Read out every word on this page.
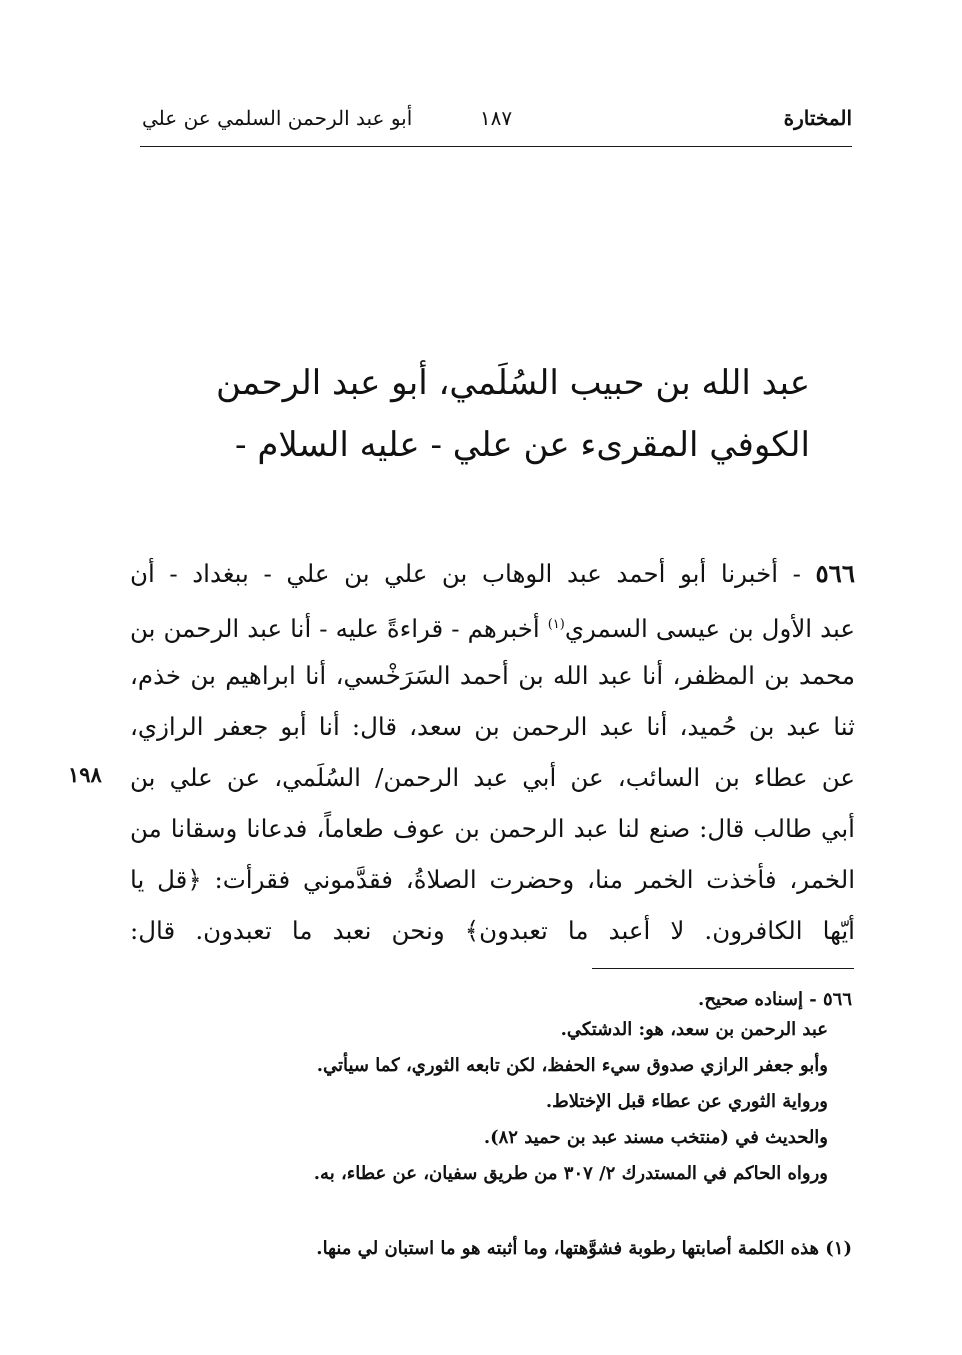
المختارة
١٨٧
أبو عبد الرحمن السلمي عن علي
عبد الله بن حبيب السُلَمي، أبو عبد الرحمن
الكوفي المقرىء عن علي - عليه السلام -
٥٦٦ - أخبرنا أبو أحمد عبد الوهاب بن علي بن علي - ببغداد - أن
عبد الأول بن عيسى السمري$^{(١)}$ أخبرهم - قراءةً عليه - أنا عبد الرحمن بن
محمد بن المظفر، أنا عبد الله بن أحمد السَرَخْسي، أنا ابراهيم بن خذم،
ثنا عبد بن حُميد، أنا عبد الرحمن بن سعد، قال: أنا أبو جعفر الرازي،
عن عطاء بن السائب، عن أبي عبد الرحمن/ السُلَمي، عن علي بن
أبي طالب قال: صنع لنا عبد الرحمن بن عوف طعاماً، فدعانا وسقانا من
الخمر، فأخذت الخمر منا، وحضرت الصلاةُ، فقدَّموني فقرأت: ﴿قل يا
أيّها الكافرون. لا أعبد ما تعبدون﴾ ونحن نعبد ما تعبدون. قال:
١٩٨
٥٦٦ - إسناده صحيح.
عبد الرحمن بن سعد، هو: الدشتكي.
وأبو جعفر الرازي صدوق سيء الحفظ، لكن تابعه الثوري، كما سيأتي.
ورواية الثوري عن عطاء قبل الإختلاط.
والحديث في (منتخب مسند عبد بن حميد ٨٢).
ورواه الحاكم في المستدرك ٢/ ٣٠٧ من طريق سفيان، عن عطاء، به.
(١) هذه الكلمة أصابتها رطوبة فشوَّهتها، وما أثبته هو ما استبان لي منها.
